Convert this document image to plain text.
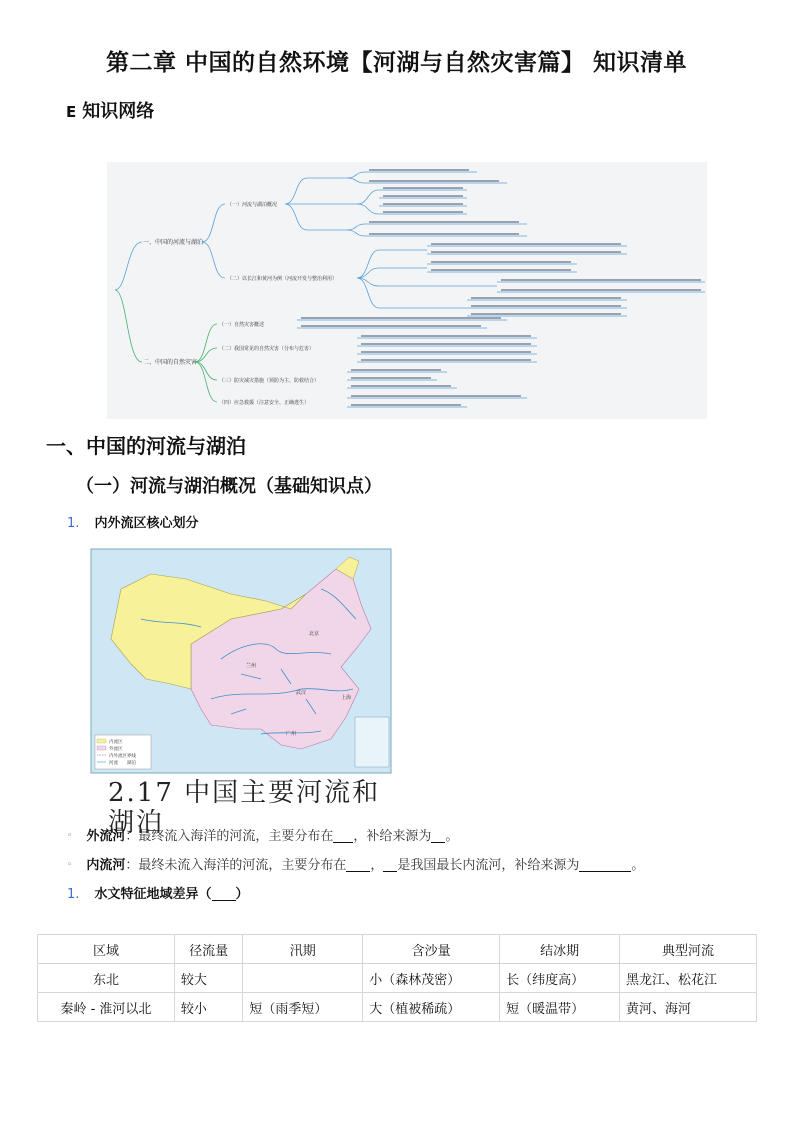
第二章 中国的自然环境【河湖与自然灾害篇】 知识清单
E 知识网络
一、中国的河流与湖泊
二、中国的自然灾害
（一）河流与湖泊概况
（二）以长江和黄河为例（河流开发与整治利用）
（一）自然灾害概述
（二）我国常见的自然灾害（分布与危害）
（三）防灾减灾措施（预防为主、防救结合）
（四）应急救援（注意安全、正确逃生）
一、中国的河流与湖泊
（一）河流与湖泊概况（基础知识点）
1. 内外流区核心划分
内流区
外流区
内外流区界线
河流 湖泊
北京
兰州
武汉
上海
广州
2.17 中国主要河流和湖泊
◦ 外流河：最终流入海洋的河流，主要分布在 ，补给来源为 。
◦ 内流河：最终未流入海洋的河流，主要分布在 ， 是我国最长内流河，补给来源为	。
1. 水文特征地域差异（ ）
区域	径流量	汛期	含沙量	结冰期	典型河流
东北	较大		小（森林茂密）	长（纬度高）	黑龙江、松花江
秦岭 - 淮河以北	较小	短（雨季短）	大（植被稀疏）	短（暖温带）	黄河、海河
